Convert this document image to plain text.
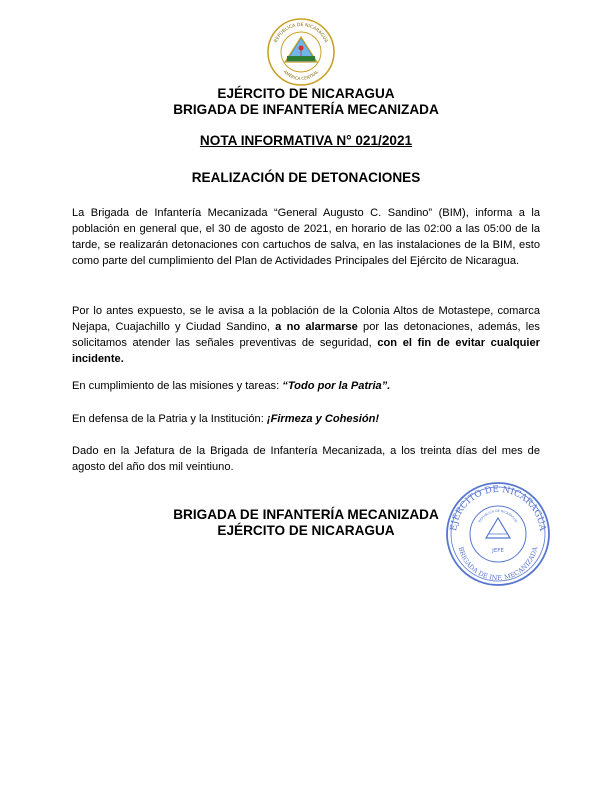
REPÚBLICA DE NICARAGUA
AMÉRICA CENTRAL
EJÉRCITO DE NICARAGUA
BRIGADA DE INFANTERÍA MECANIZADA
NOTA INFORMATIVA N° 021/2021
REALIZACIÓN DE DETONACIONES

La Brigada de Infantería Mecanizada “General Augusto C. Sandino” (BIM), informa a la población en general que, el 30 de agosto de 2021, en horario de las 02:00 a las 05:00 de la tarde, se realizarán detonaciones con cartuchos de salva, en las instalaciones de la BIM, esto como parte del cumplimiento del Plan de Actividades Principales del Ejército de Nicaragua.

Por lo antes expuesto, se le avisa a la población de la Colonia Altos de Motastepe, comarca Nejapa, Cuajachillo y Ciudad Sandino, a no alarmarse por las detonaciones, además, les solicitamos atender las señales preventivas de seguridad, con el fin de evitar cualquier incidente.

En cumplimiento de las misiones y tareas: “Todo por la Patria”.

En defensa de la Patria y la Institución: ¡Firmeza y Cohesión!

Dado en la Jefatura de la Brigada de Infantería Mecanizada, a los treinta días del mes de agosto del año dos mil veintiuno.

BRIGADA DE INFANTERÍA MECANIZADA
EJÉRCITO DE NICARAGUA	EJÉRCITO DE NICARAGUA
BRIGADA DE INF. MECANIZADA
REPÚBLICA DE NICARAGUA
JEFE
